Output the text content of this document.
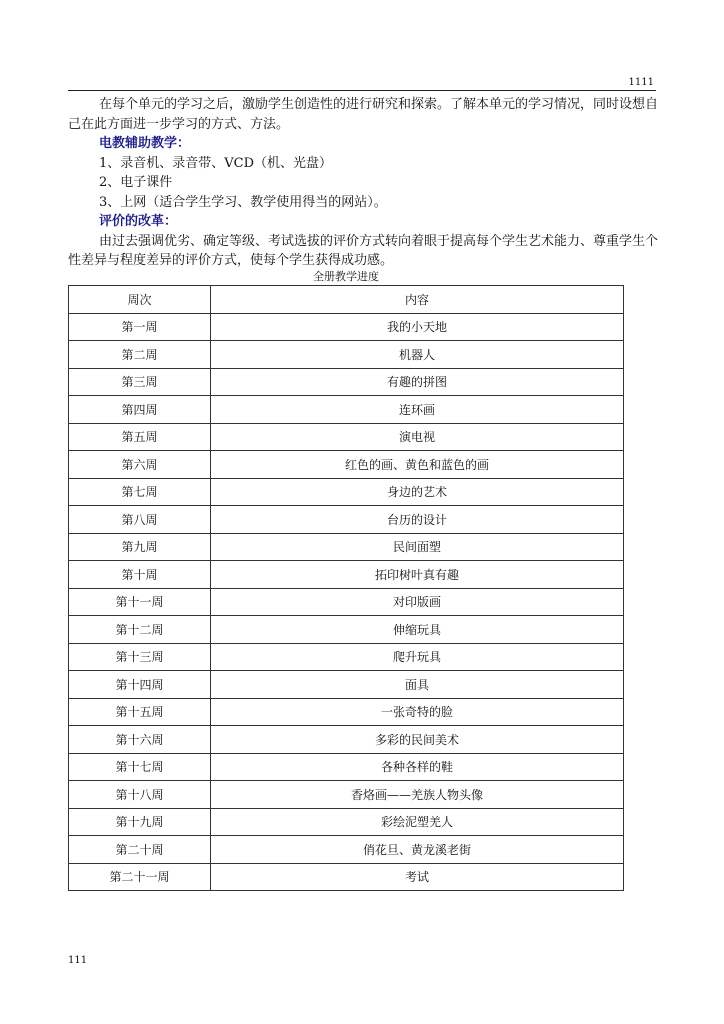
1111

在每个单元的学习之后，激励学生创造性的进行研究和探索。了解本单元的学习情况，同时设想自己在此方面进一步学习的方式、方法。

电教辅助教学：

1、录音机、录音带、VCD（机、光盘）

2、电子课件

3、上网（适合学生学习、教学使用得当的网站）。

评价的改革：

由过去强调优劣、确定等级、考试选拔的评价方式转向着眼于提高每个学生艺术能力、尊重学生个性差异与程度差异的评价方式，使每个学生获得成功感。

全册教学进度
周次	内容
第一周	我的小天地
第二周	机器人
第三周	有趣的拼图
第四周	连环画
第五周	演电视
第六周	红色的画、黄色和蓝色的画
第七周	身边的艺术
第八周	台历的设计
第九周	民间面塑
第十周	拓印树叶真有趣
第十一周	对印版画
第十二周	伸缩玩具
第十三周	爬升玩具
第十四周	面具
第十五周	一张奇特的脸
第十六周	多彩的民间美术
第十七周	各种各样的鞋
第十八周	香烙画——羌族人物头像
第十九周	彩绘泥塑羌人
第二十周	俏花旦、黄龙溪老街
第二十一周	考试
111
